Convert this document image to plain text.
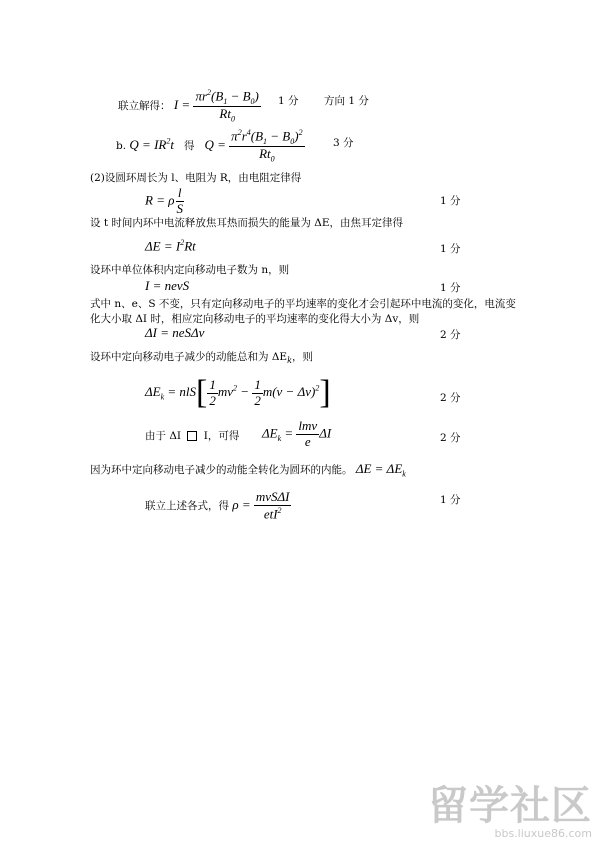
联立解得： $I = \frac{\pi r^2(B_1 - B_0)}{Rt_0} 1$ 分 方向 1 分
b. $Q = IR^2t$ 得   $Q = \frac{\pi^2r^4(B_1 - B_0)^2}{Rt_0}$	3 分
(2)设圆环周长为 l、电阻为 R，由电阻定律得
R = ρ $\frac{l}{S}$	1 分
设 t 时间内环中电流释放焦耳热而损失的能量为 ΔE，由焦耳定律得
$\Delta E = I^2Rt$	1 分
设环中单位体积内定向移动电子数为 n，则
I = nevS	1 分
式中 n、e、S 不变，只有定向移动电子的平均速率的变化才会引起环中电流的变化，电流变
化大小取 ΔI 时，相应定向移动电子的平均速率的变化得大小为 Δv，则
ΔI = neSΔv	2 分
设环中定向移动电子减少的动能总和为 $\Delta E_k$，则
$\Delta E_k = nlS[ \frac{1}{2} mv^2 - \frac{1}{2} m(v - \Delta v)^2]$	2 分
由于 ΔI I，可得 $\Delta E_k = \frac{\text{lmv}}{e}$ ΔI	2 分
因为环中定向移动电子减少的动能全转化为圆环的内能。 $\Delta E = \Delta E_k$
联立上述各式，得 $\rho = \frac{\text{mvSΔI}}{etI^2}$	1 分
留学社区
bbs.liuxue86.com
